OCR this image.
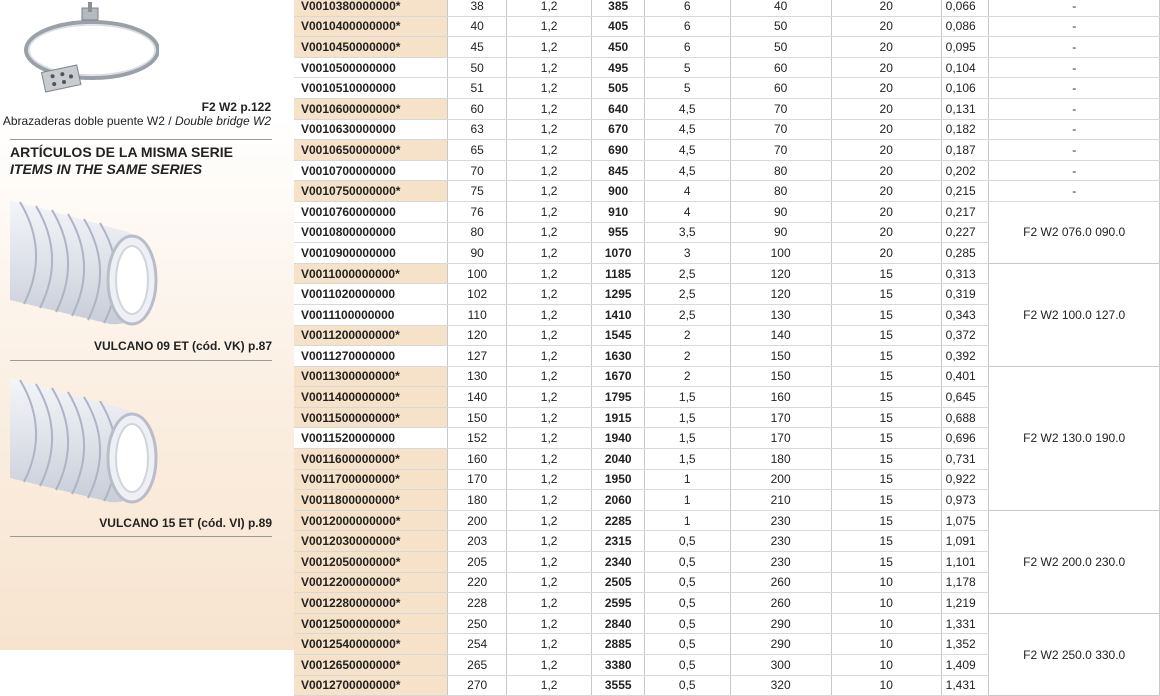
F2 W2 p.122
Abrazaderas doble puente W2 / Double bridge W2
ARTÍCULOS DE LA MISMA SERIE
ITEMS IN THE SAME SERIES
VULCANO 09 ET (cód. VK) p.87
VULCANO 15 ET (cód. VI) p.89
V0010380000000*	38	1,2	385	6	40	20	0,066	-
V0010400000000*	40	1,2	405	6	50	20	0,086	-
V0010450000000*	45	1,2	450	6	50	20	0,095	-
V0010500000000	50	1,2	495	5	60	20	0,104	-
V0010510000000	51	1,2	505	5	60	20	0,106	-
V0010600000000*	60	1,2	640	4,5	70	20	0,131	-
V0010630000000	63	1,2	670	4,5	70	20	0,182	-
V0010650000000*	65	1,2	690	4,5	70	20	0,187	-
V0010700000000	70	1,2	845	4,5	80	20	0,202	-
V0010750000000*	75	1,2	900	4	80	20	0,215	-
V0010760000000	76	1,2	910	4	90	20	0,217	F2 W2 076.0 090.0
V0010800000000	80	1,2	955	3,5	90	20	0,227	
V0010900000000	90	1,2	1070	3	100	20	0,285	
V0011000000000*	100	1,2	1185	2,5	120	15	0,313	F2 W2 100.0 127.0
V0011020000000	102	1,2	1295	2,5	120	15	0,319	
V0011100000000	110	1,2	1410	2,5	130	15	0,343	
V0011200000000*	120	1,2	1545	2	140	15	0,372	
V0011270000000	127	1,2	1630	2	150	15	0,392	
V0011300000000*	130	1,2	1670	2	150	15	0,401	F2 W2 130.0 190.0
V0011400000000*	140	1,2	1795	1,5	160	15	0,645	
V0011500000000*	150	1,2	1915	1,5	170	15	0,688	
V0011520000000	152	1,2	1940	1,5	170	15	0,696	
V0011600000000*	160	1,2	2040	1,5	180	15	0,731	
V0011700000000*	170	1,2	1950	1	200	15	0,922	
V0011800000000*	180	1,2	2060	1	210	15	0,973	
V0012000000000*	200	1,2	2285	1	230	15	1,075	F2 W2 200.0 230.0
V0012030000000*	203	1,2	2315	0,5	230	15	1,091	
V0012050000000*	205	1,2	2340	0,5	230	15	1,101	
V0012200000000*	220	1,2	2505	0,5	260	10	1,178	
V0012280000000*	228	1,2	2595	0,5	260	10	1,219	
V0012500000000*	250	1,2	2840	0,5	290	10	1,331	F2 W2 250.0 330.0
V0012540000000*	254	1,2	2885	0,5	290	10	1,352	
V0012650000000*	265	1,2	3380	0,5	300	10	1,409	
V0012700000000*	270	1,2	3555	0,5	320	10	1,431	
